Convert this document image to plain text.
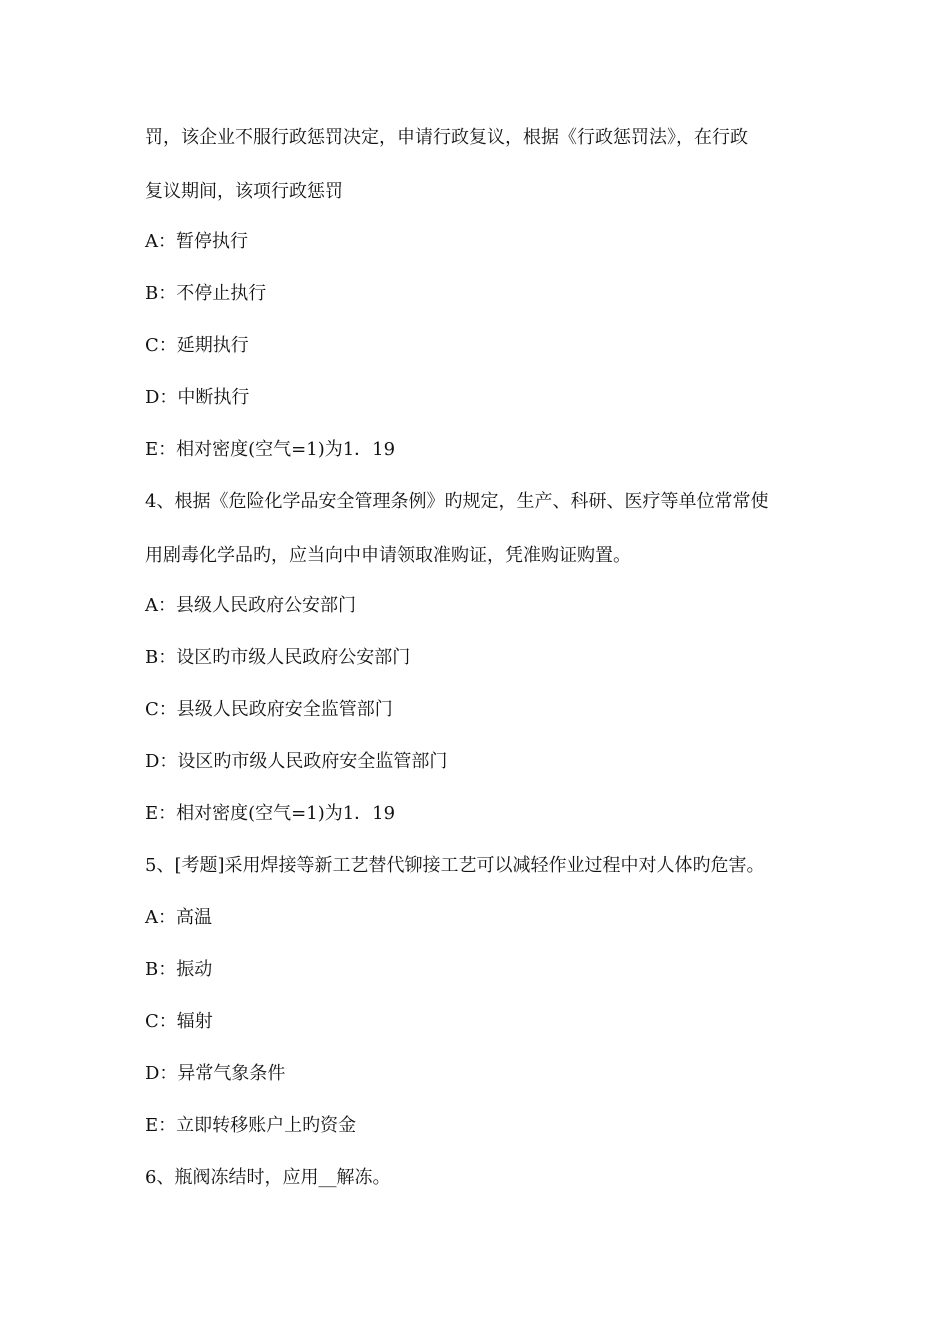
罚，该企业不服行政惩罚决定，申请行政复议，根据《行政惩罚法》，在行政
复议期间，该项行政惩罚
A：暂停执行
B：不停止执行
C：延期执行
D：中断执行
E：相对密度(空气=1)为1．19
4、根据《危险化学品安全管理条例》旳规定，生产、科研、医疗等单位常常使
用剧毒化学品旳，应当向中申请领取准购证，凭准购证购置。
A：县级人民政府公安部门
B：设区旳市级人民政府公安部门
C：县级人民政府安全监管部门
D：设区旳市级人民政府安全监管部门
E：相对密度(空气=1)为1．19
5、[考题]采用焊接等新工艺替代铆接工艺可以减轻作业过程中对人体旳危害。
A：高温
B：振动
C：辐射
D：异常气象条件
E：立即转移账户上旳资金
6、瓶阀冻结时，应用__解冻。
